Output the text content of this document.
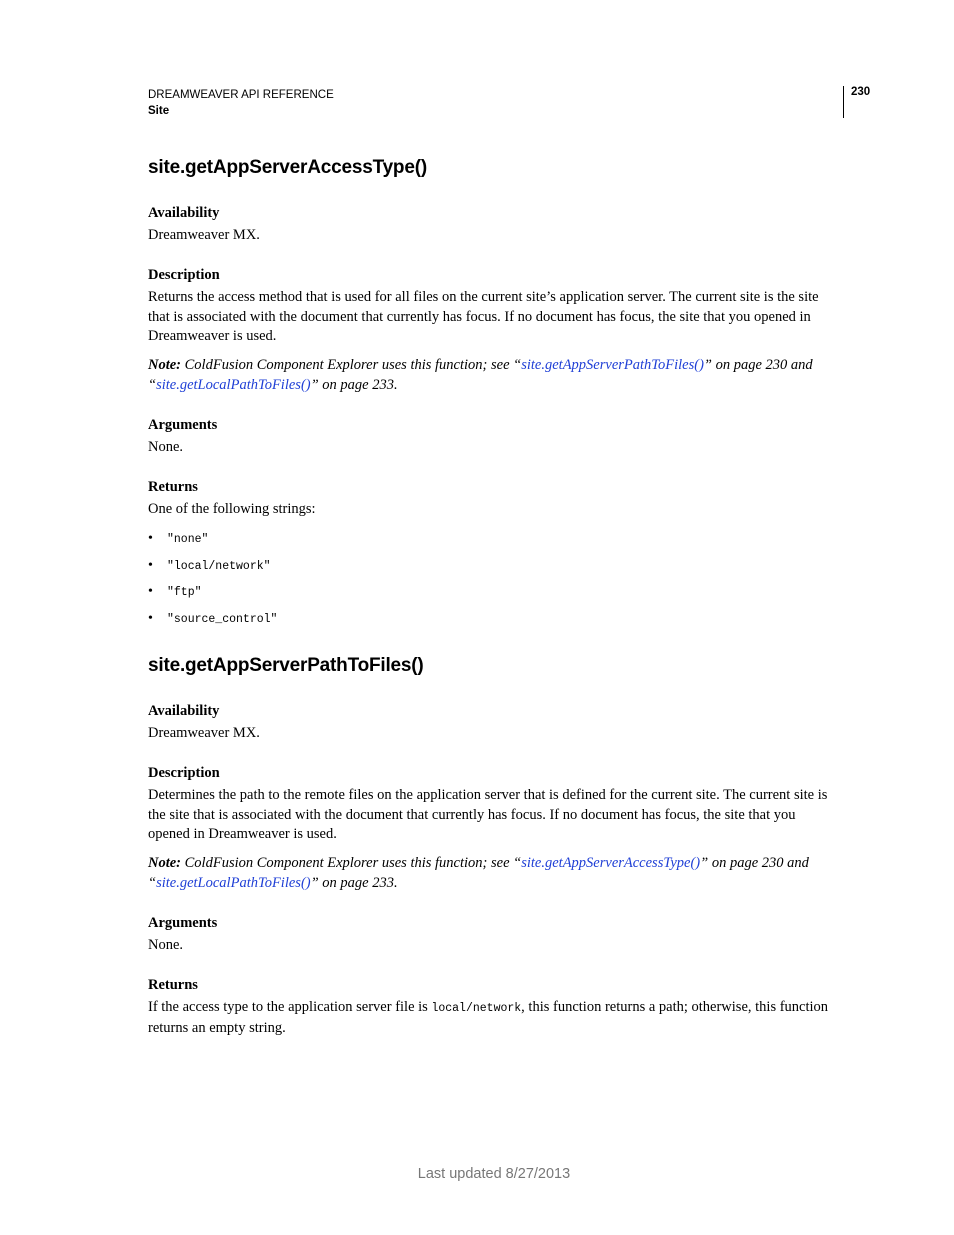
DREAMWEAVER API REFERENCE
Site
230
site.getAppServerAccessType()
Availability

Dreamweaver MX.

Description

Returns the access method that is used for all files on the current site’s application server. The current site is the site that is associated with the document that currently has focus. If no document has focus, the site that you opened in Dreamweaver is used.

Note: ColdFusion Component Explorer uses this function; see “site.getAppServerPathToFiles()” on page 230 and “site.getLocalPathToFiles()” on page 233.

Arguments

None.

Returns

One of the following strings:

• "none"
• "local/network"
• "ftp"
• "source_control"
site.getAppServerPathToFiles()
Availability

Dreamweaver MX.

Description

Determines the path to the remote files on the application server that is defined for the current site. The current site is the site that is associated with the document that currently has focus. If no document has focus, the site that you opened in Dreamweaver is used.

Note: ColdFusion Component Explorer uses this function; see “site.getAppServerAccessType()” on page 230 and “site.getLocalPathToFiles()” on page 233.

Arguments

None.

Returns

If the access type to the application server file is local/network, this function returns a path; otherwise, this function returns an empty string.

Last updated 8/27/2013
